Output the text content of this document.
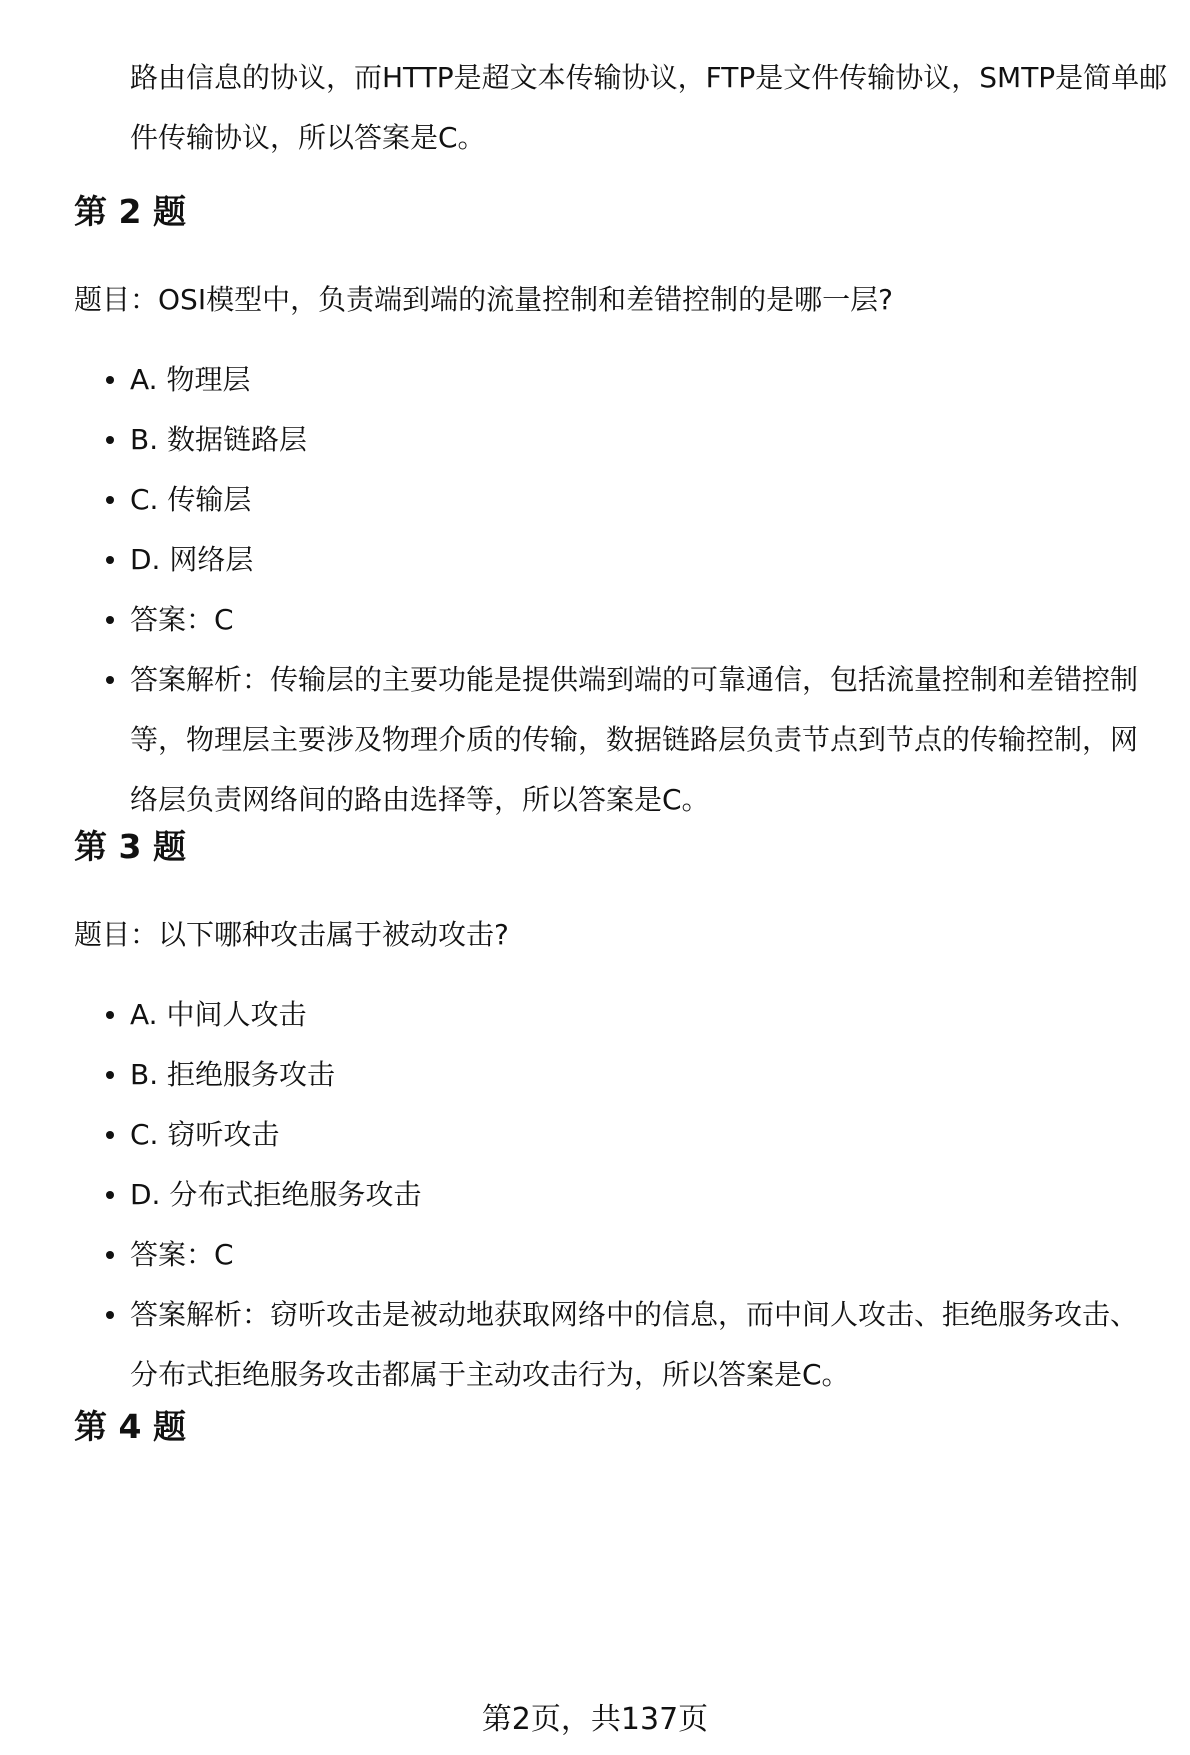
路由信息的协议，而HTTP是超文本传输协议，FTP是文件传输协议，SMTP是简单邮件传输协议，所以答案是C。

第 2 题

题目：OSI模型中，负责端到端的流量控制和差错控制的是哪一层?

A. 物理层
B. 数据链路层
C. 传输层
D. 网络层
答案：C
答案解析：传输层的主要功能是提供端到端的可靠通信，包括流量控制和差错控制等，物理层主要涉及物理介质的传输，数据链路层负责节点到节点的传输控制，网络层负责网络间的路由选择等，所以答案是C。
第 3 题

题目：以下哪种攻击属于被动攻击?

A. 中间人攻击
B. 拒绝服务攻击
C. 窃听攻击
D. 分布式拒绝服务攻击
答案：C
答案解析：窃听攻击是被动地获取网络中的信息，而中间人攻击、拒绝服务攻击、分布式拒绝服务攻击都属于主动攻击行为，所以答案是C。
第 4 题
第2页，共137页
